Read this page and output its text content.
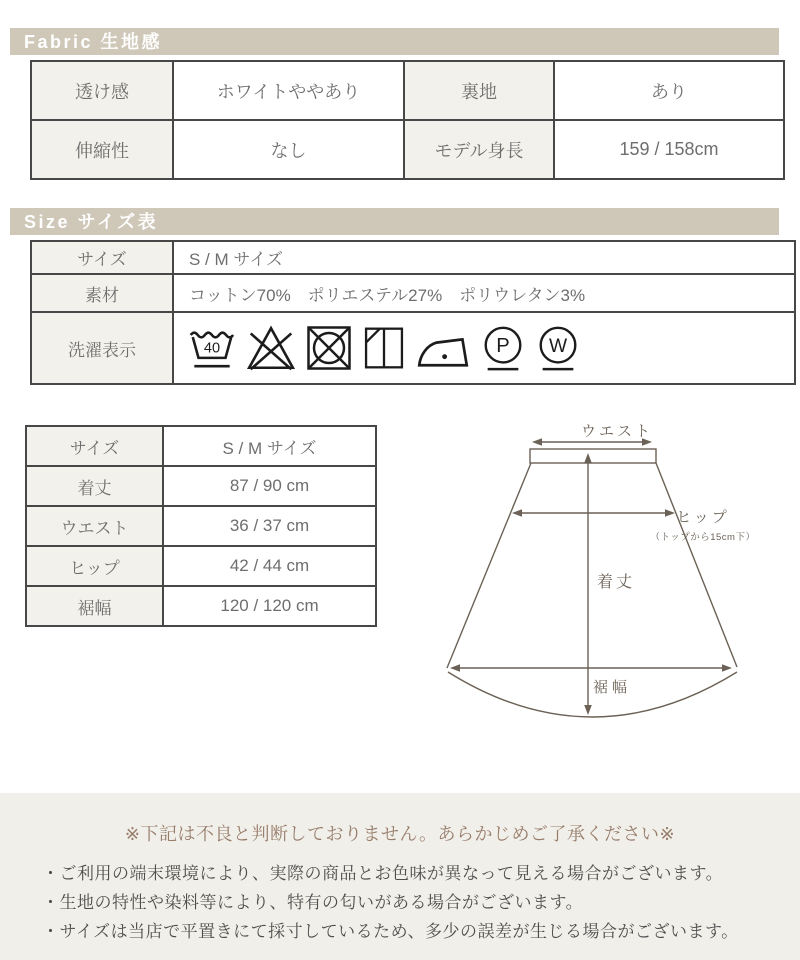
Fabric 生地感
透け感	ホワイトややあり	裏地	あり
伸縮性	なし	モデル身長	159 / 158cm
Size サイズ表
サイズ	S / M サイズ
素材	コットン70%　ポリエステル27%　ポリウレタン3%
洗濯表示	40 P W
サイズ	S / M サイズ
着丈	87 / 90 cm
ウエスト	36 / 37 cm
ヒップ	42 / 44 cm
裾幅	120 / 120 cm
ウエスト
ヒップ
（トップから15cm下）
着丈
裾幅
※下記は不良と判断しておりません。あらかじめご了承ください※
・ご利用の端末環境により、実際の商品とお色味が異なって見える場合がございます。
・生地の特性や染料等により、特有の匂いがある場合がございます。
・サイズは当店で平置きにて採寸しているため、多少の誤差が生じる場合がございます。
